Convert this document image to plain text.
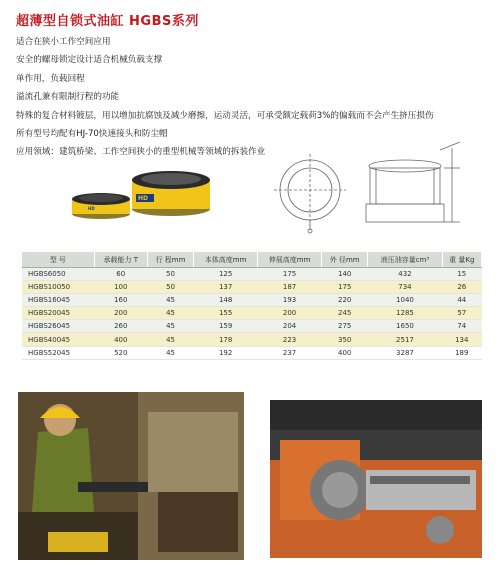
超薄型自锁式油缸 HGBS系列
适合在狭小工作空间应用
安全的螺母锁定设计适合机械负载支撑
单作用，负载回程
溢流孔兼有限制行程的功能
特殊的复合材料镀层，用以增加抗腐蚀及减少磨擦，运动灵活，可承受额定载荷3%的偏载而不会产生挤压损伤
所有型号均配有HJ-70快速接头和防尘帽
应用领域：建筑桥梁、工作空间狭小的重型机械等领域的拆装作业
HD
HD
型 号	承载能力 T	行 程mm	本体高度mm	伸展高度mm	外 径mm	液压油容量cm³	重 量Kg
HGBS6050	60	50	125	175	140	432	15
HGBS10050	100	50	137	187	175	734	26
HGBS16045	160	45	148	193	220	1040	44
HGBS20045	200	45	155	200	245	1285	57
HGBS26045	260	45	159	204	275	1650	74
HGBS40045	400	45	178	223	350	2517	134
HGBS52045	520	45	192	237	400	3287	189
